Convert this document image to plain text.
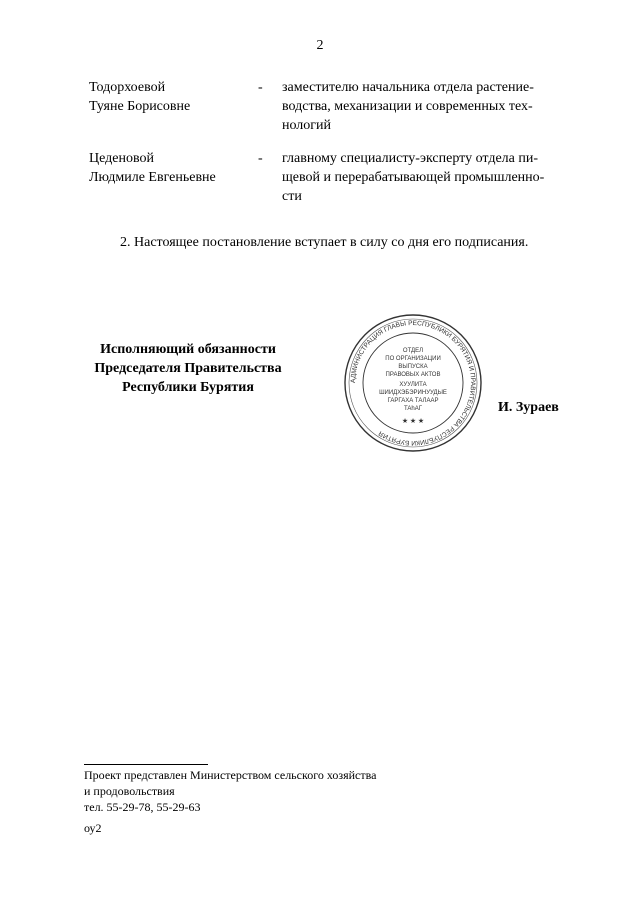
2
Тодорхоевой
Туяне Борисовне
- заместителю начальника отдела растение-
водства, механизации и современных тех-
нологий
Цеденовой
Людмиле Евгеньевне
- главному специалисту-эксперту отдела пи-
щевой и перерабатывающей промышленно-
сти
2. Настоящее постановление вступает в силу со дня его подписания.
Исполняющий обязанности
Председателя Правительства
Республики Бурятия	АДМИНИСТРАЦИЯ ГЛАВЫ РЕСПУБЛИКИ БУРЯТИЯ И ПРАВИТЕЛЬСТВА РЕСПУБЛИКИ БУРЯТИЯ
ОТДЕЛ
ПО ОРГАНИЗАЦИИ
ВЫПУСКА
ПРАВОВЫХ АКТОВ
ХУУЛИТА
ШИИДХЭБЭРИНУУДЫЕ
ГАРГАХА ТАЛААР
ТАһАГ
★ ★ ★
И. Зураев
Проект представлен Министерством сельского хозяйства
и продовольствия
тел. 55-29-78, 55-29-63
оу2
